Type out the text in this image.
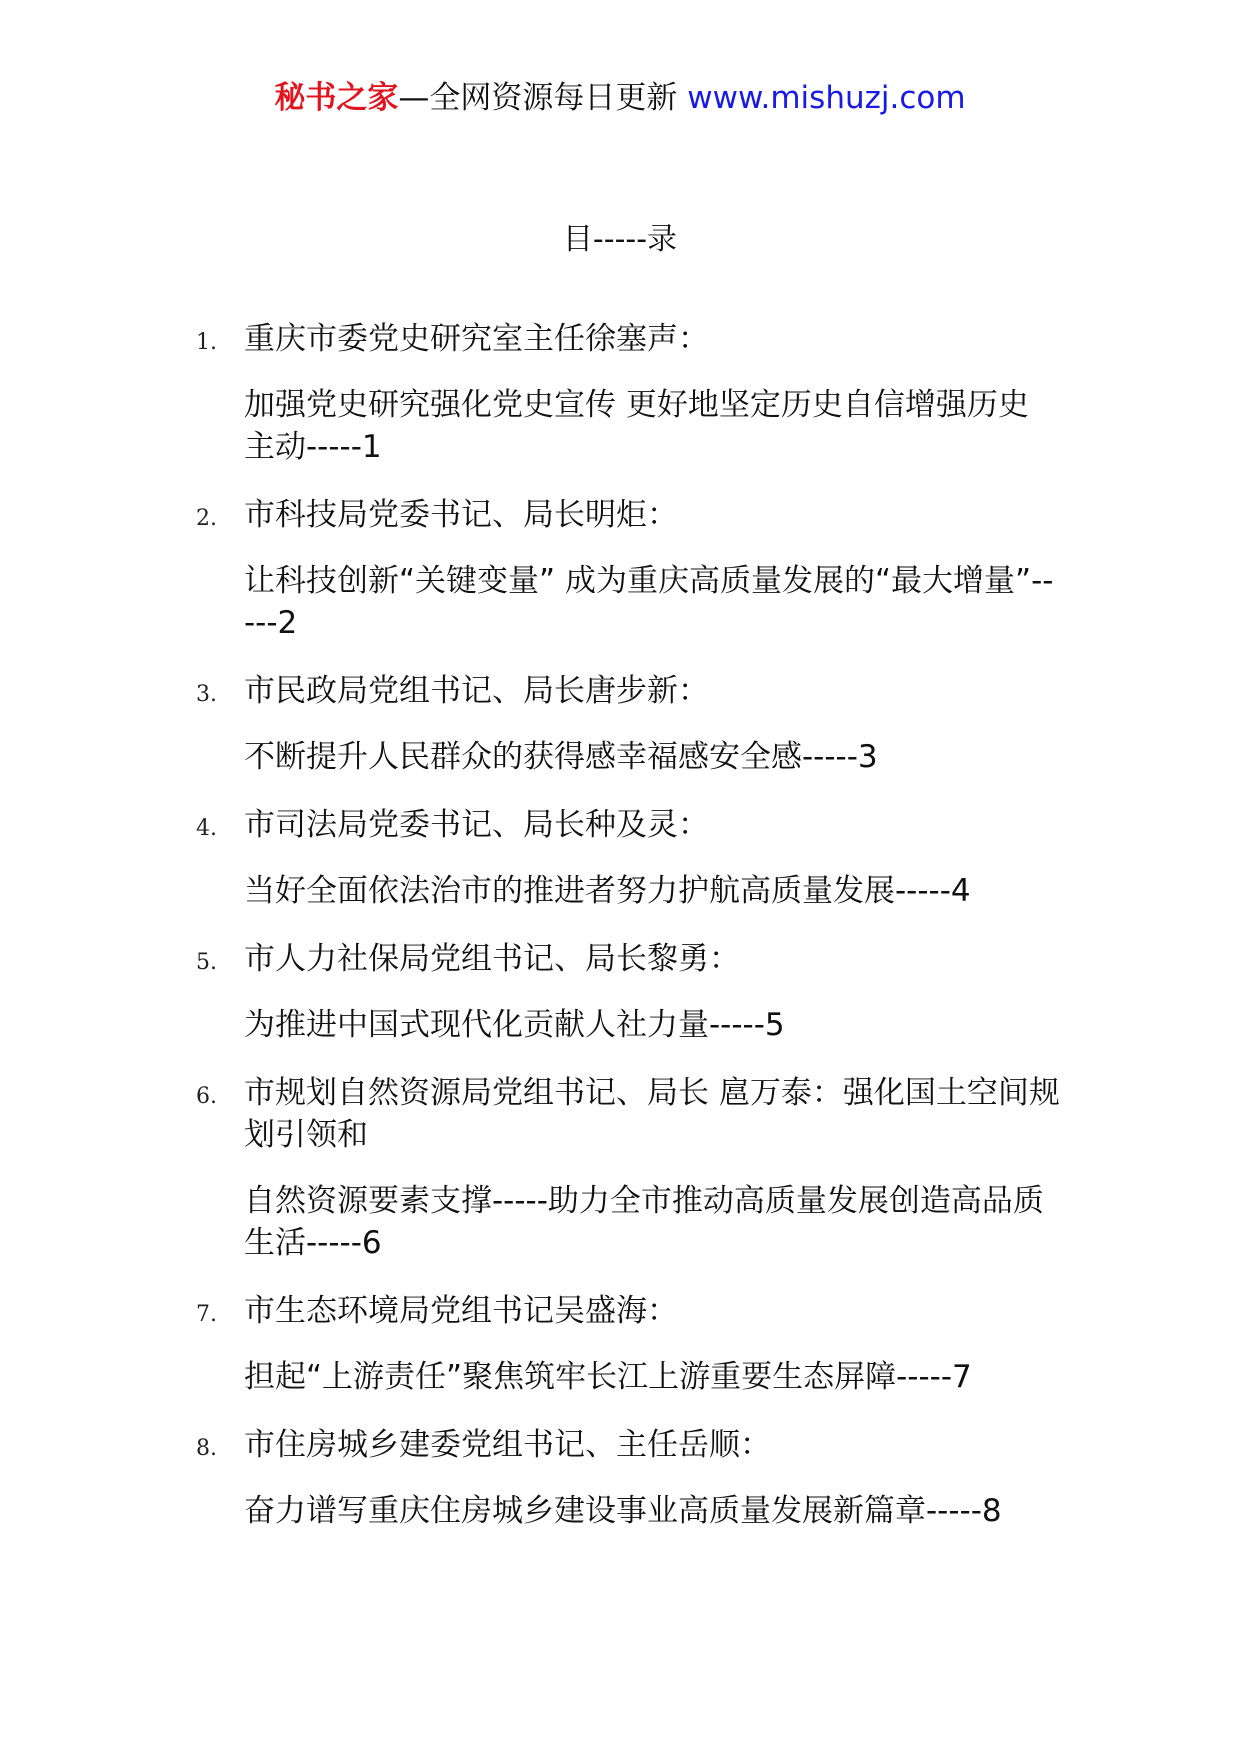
秘书之家—全网资源每日更新 www.mishuzj.com
目-----录
1. 重庆市委党史研究室主任徐塞声：
加强党史研究强化党史宣传 更好地坚定历史自信增强历史主动-----1
2. 市科技局党委书记、局长明炬：
让科技创新“关键变量” 成为重庆高质量发展的“最大增量”-----2
3. 市民政局党组书记、局长唐步新：
不断提升人民群众的获得感幸福感安全感-----3
4. 市司法局党委书记、局长种及灵：
当好全面依法治市的推进者努力护航高质量发展-----4
5. 市人力社保局党组书记、局长黎勇：
为推进中国式现代化贡献人社力量-----5
6. 市规划自然资源局党组书记、局长 扈万泰：强化国土空间规划引领和
自然资源要素支撑-----助力全市推动高质量发展创造高品质生活-----6
7. 市生态环境局党组书记吴盛海：
担起“上游责任”聚焦筑牢长江上游重要生态屏障-----7
8. 市住房城乡建委党组书记、主任岳顺：
奋力谱写重庆住房城乡建设事业高质量发展新篇章-----8
